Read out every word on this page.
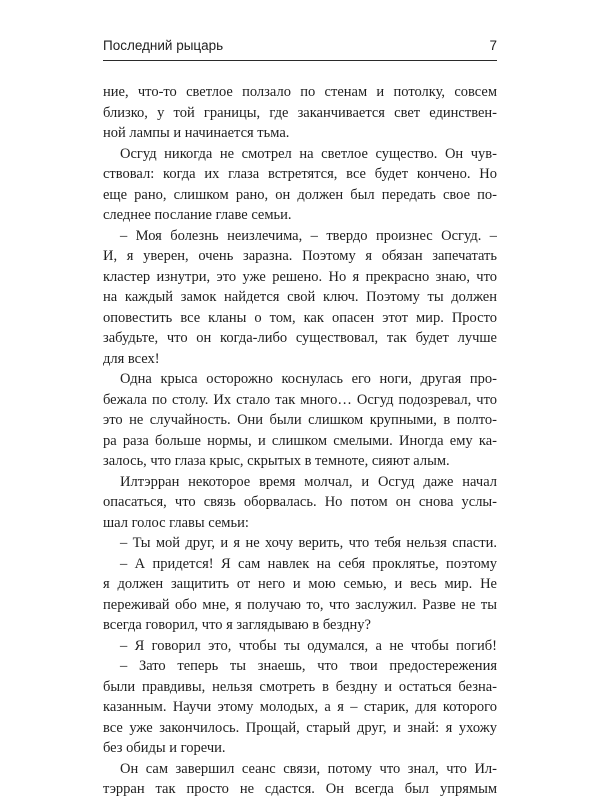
Последний рыцарь	7
ние, что-то светлое ползало по стенам и потолку, совсем
близко, у той границы, где заканчивается свет единствен-
ной лампы и начинается тьма.
Осгуд никогда не смотрел на светлое существо. Он чув-
ствовал: когда их глаза встретятся, все будет кончено. Но
еще рано, слишком рано, он должен был передать свое по-
следнее послание главе семьи.
– Моя болезнь неизлечима, – твердо произнес Осгуд. –
И, я уверен, очень заразна. Поэтому я обязан запечатать
кластер изнутри, это уже решено. Но я прекрасно знаю, что
на каждый замок найдется свой ключ. Поэтому ты должен
оповестить все кланы о том, как опасен этот мир. Просто
забудьте, что он когда-либо существовал, так будет лучше
для всех!
Одна крыса осторожно коснулась его ноги, другая про-
бежала по столу. Их стало так много… Осгуд подозревал, что
это не случайность. Они были слишком крупными, в полто-
ра раза больше нормы, и слишком смелыми. Иногда ему ка-
залось, что глаза крыс, скрытых в темноте, сияют алым.
Илтэрран некоторое время молчал, и Осгуд даже начал
опасаться, что связь оборвалась. Но потом он снова услы-
шал голос главы семьи:
– Ты мой друг, и я не хочу верить, что тебя нельзя спасти.
– А придется! Я сам навлек на себя проклятье, поэтому
я должен защитить от него и мою семью, и весь мир. Не
переживай обо мне, я получаю то, что заслужил. Разве не ты
всегда говорил, что я заглядываю в бездну?
– Я говорил это, чтобы ты одумался, а не чтобы погиб!
– Зато теперь ты знаешь, что твои предостережения
были правдивы, нельзя смотреть в бездну и остаться безна-
казанным. Научи этому молодых, а я – старик, для которого
все уже закончилось. Прощай, старый друг, и знай: я ухожу
без обиды и горечи.
Он сам завершил сеанс связи, потому что знал, что Ил-
тэрран так просто не сдастся. Он всегда был упрямым
